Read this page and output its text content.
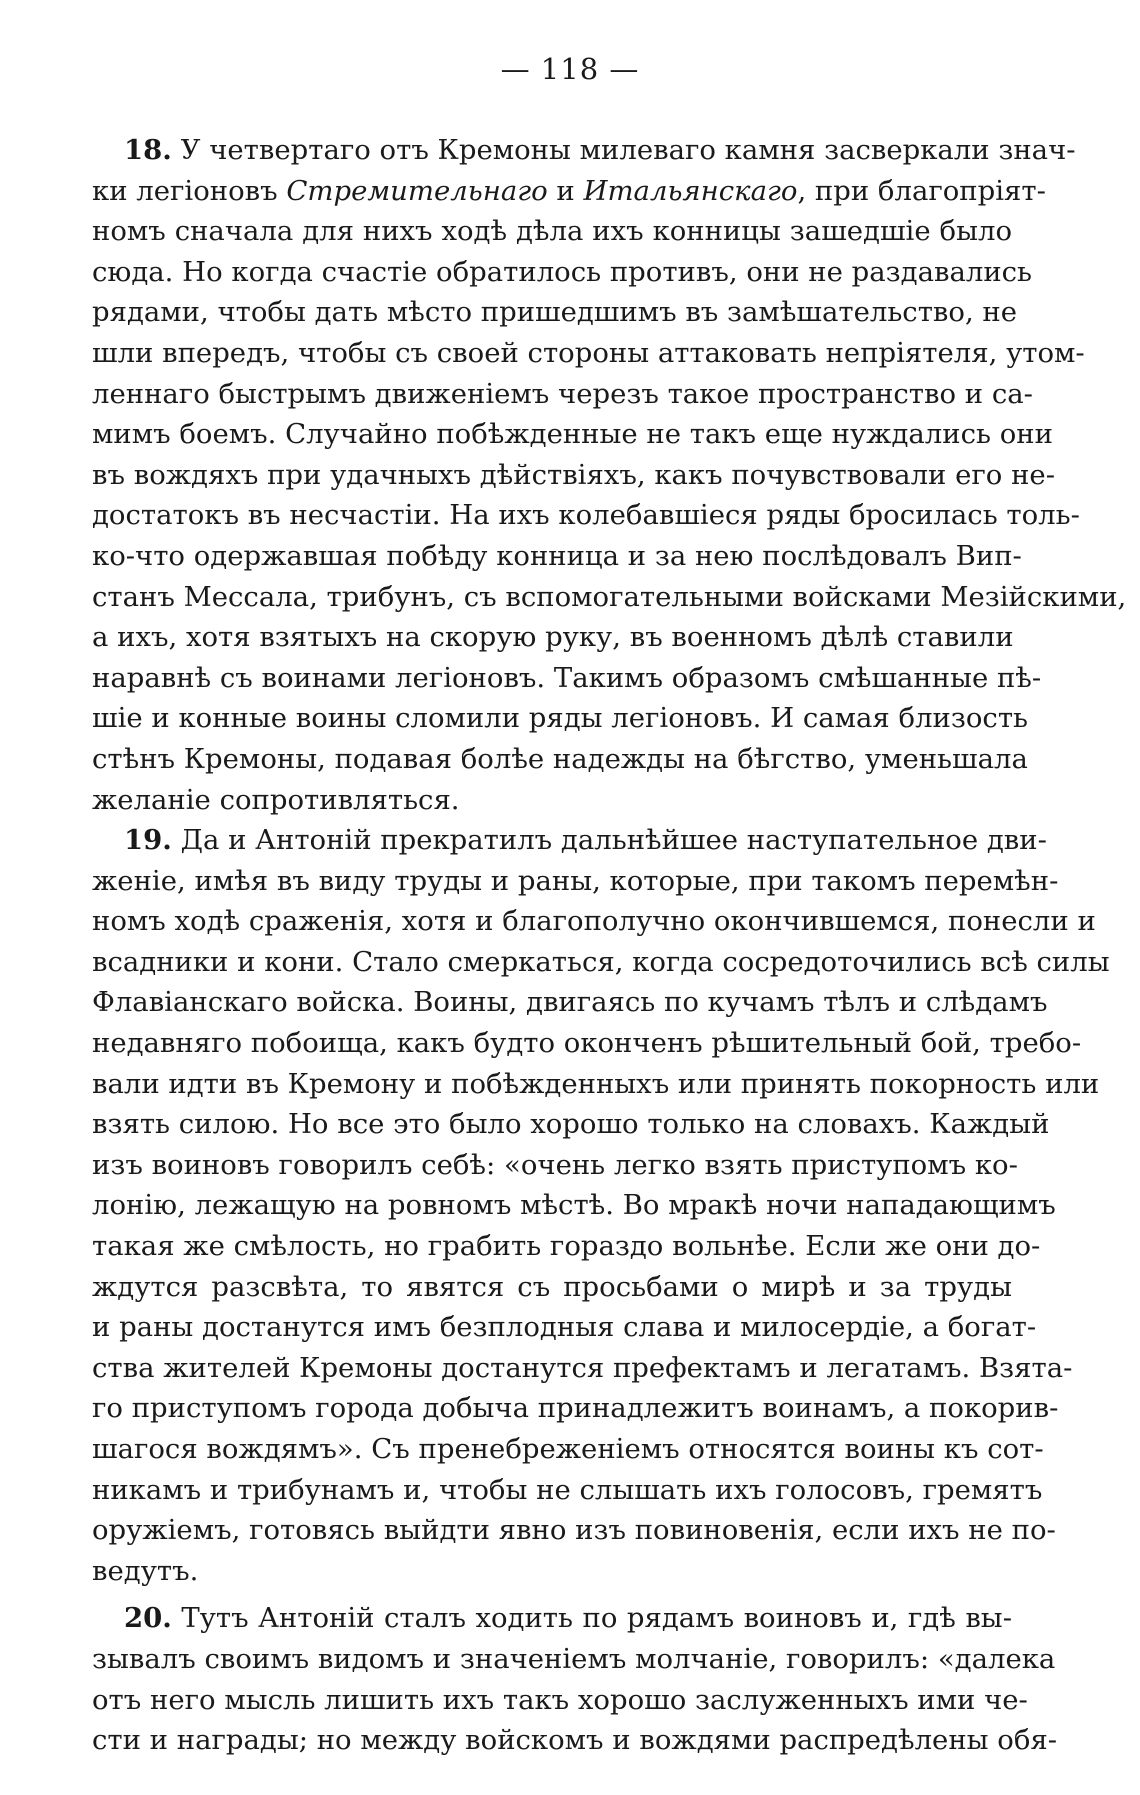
— 118 —
18. У четвертаго отъ Кремоны милеваго камня засверкали знач-
ки легіоновъ Стремительнаго и Итальянскаго, при благопріят-
номъ сначала для нихъ ходѣ дѣла ихъ конницы зашедшіе было
сюда. Но когда счастіе обратилось противъ, они не раздавались
рядами, чтобы дать мѣсто пришедшимъ въ замѣшательство, не
шли впередъ, чтобы съ своей стороны аттаковать непріятеля, утом-
леннаго быстрымъ движеніемъ черезъ такое пространство и са-
мимъ боемъ. Случайно побѣжденные не такъ еще нуждались они
въ вождяхъ при удачныхъ дѣйствіяхъ, какъ почувствовали его не-
достатокъ въ несчастіи. На ихъ колебавшіеся ряды бросилась толь-
ко-что одержавшая побѣду конница и за нею послѣдовалъ Вип-
станъ Мессала, трибунъ, съ вспомогательными войсками Мезійскими,
а ихъ, хотя взятыхъ на скорую руку, въ военномъ дѣлѣ ставили
наравнѣ съ воинами легіоновъ. Такимъ образомъ смѣшанные пѣ-
шіе и конные воины сломили ряды легіоновъ. И самая близость
стѣнъ Кремоны, подавая болѣе надежды на бѣгство, уменьшала
желаніе сопротивляться.
19. Да и Антоній прекратилъ дальнѣйшее наступательное дви-
женіе, имѣя въ виду труды и раны, которые, при такомъ перемѣн-
номъ ходѣ сраженія, хотя и благополучно окончившемся, понесли и
всадники и кони. Стало смеркаться, когда сосредоточились всѣ силы
Флавіанскаго войска. Воины, двигаясь по кучамъ тѣлъ и слѣдамъ
недавняго побоища, какъ будто оконченъ рѣшительный бой, требо-
вали идти въ Кремону и побѣжденныхъ или принять покорность или
взять силою. Но все это было хорошо только на словахъ. Каждый
изъ воиновъ говорилъ себѣ: «очень легко взять приступомъ ко-
лонію, лежащую на ровномъ мѣстѣ. Во мракѣ ночи нападающимъ
такая же смѣлость, но грабить гораздо вольнѣе. Если же они до-
ждутся разсвѣта, то явятся съ просьбами о мирѣ и за труды
и раны достанутся имъ безплодныя слава и милосердіе, а богат-
ства жителей Кремоны достанутся префектамъ и легатамъ. Взята-
го приступомъ города добыча принадлежитъ воинамъ, а покорив-
шагося вождямъ». Съ пренебреженіемъ относятся воины къ сот-
никамъ и трибунамъ и, чтобы не слышать ихъ голосовъ, гремятъ
оружіемъ, готовясь выйдти явно изъ повиновенія, если ихъ не по-
ведутъ.
20. Тутъ Антоній сталъ ходить по рядамъ воиновъ и, гдѣ вы-
зывалъ своимъ видомъ и значеніемъ молчаніе, говорилъ: «далека
отъ него мысль лишить ихъ такъ хорошо заслуженныхъ ими че-
сти и награды; но между войскомъ и вождями распредѣлены обя-
